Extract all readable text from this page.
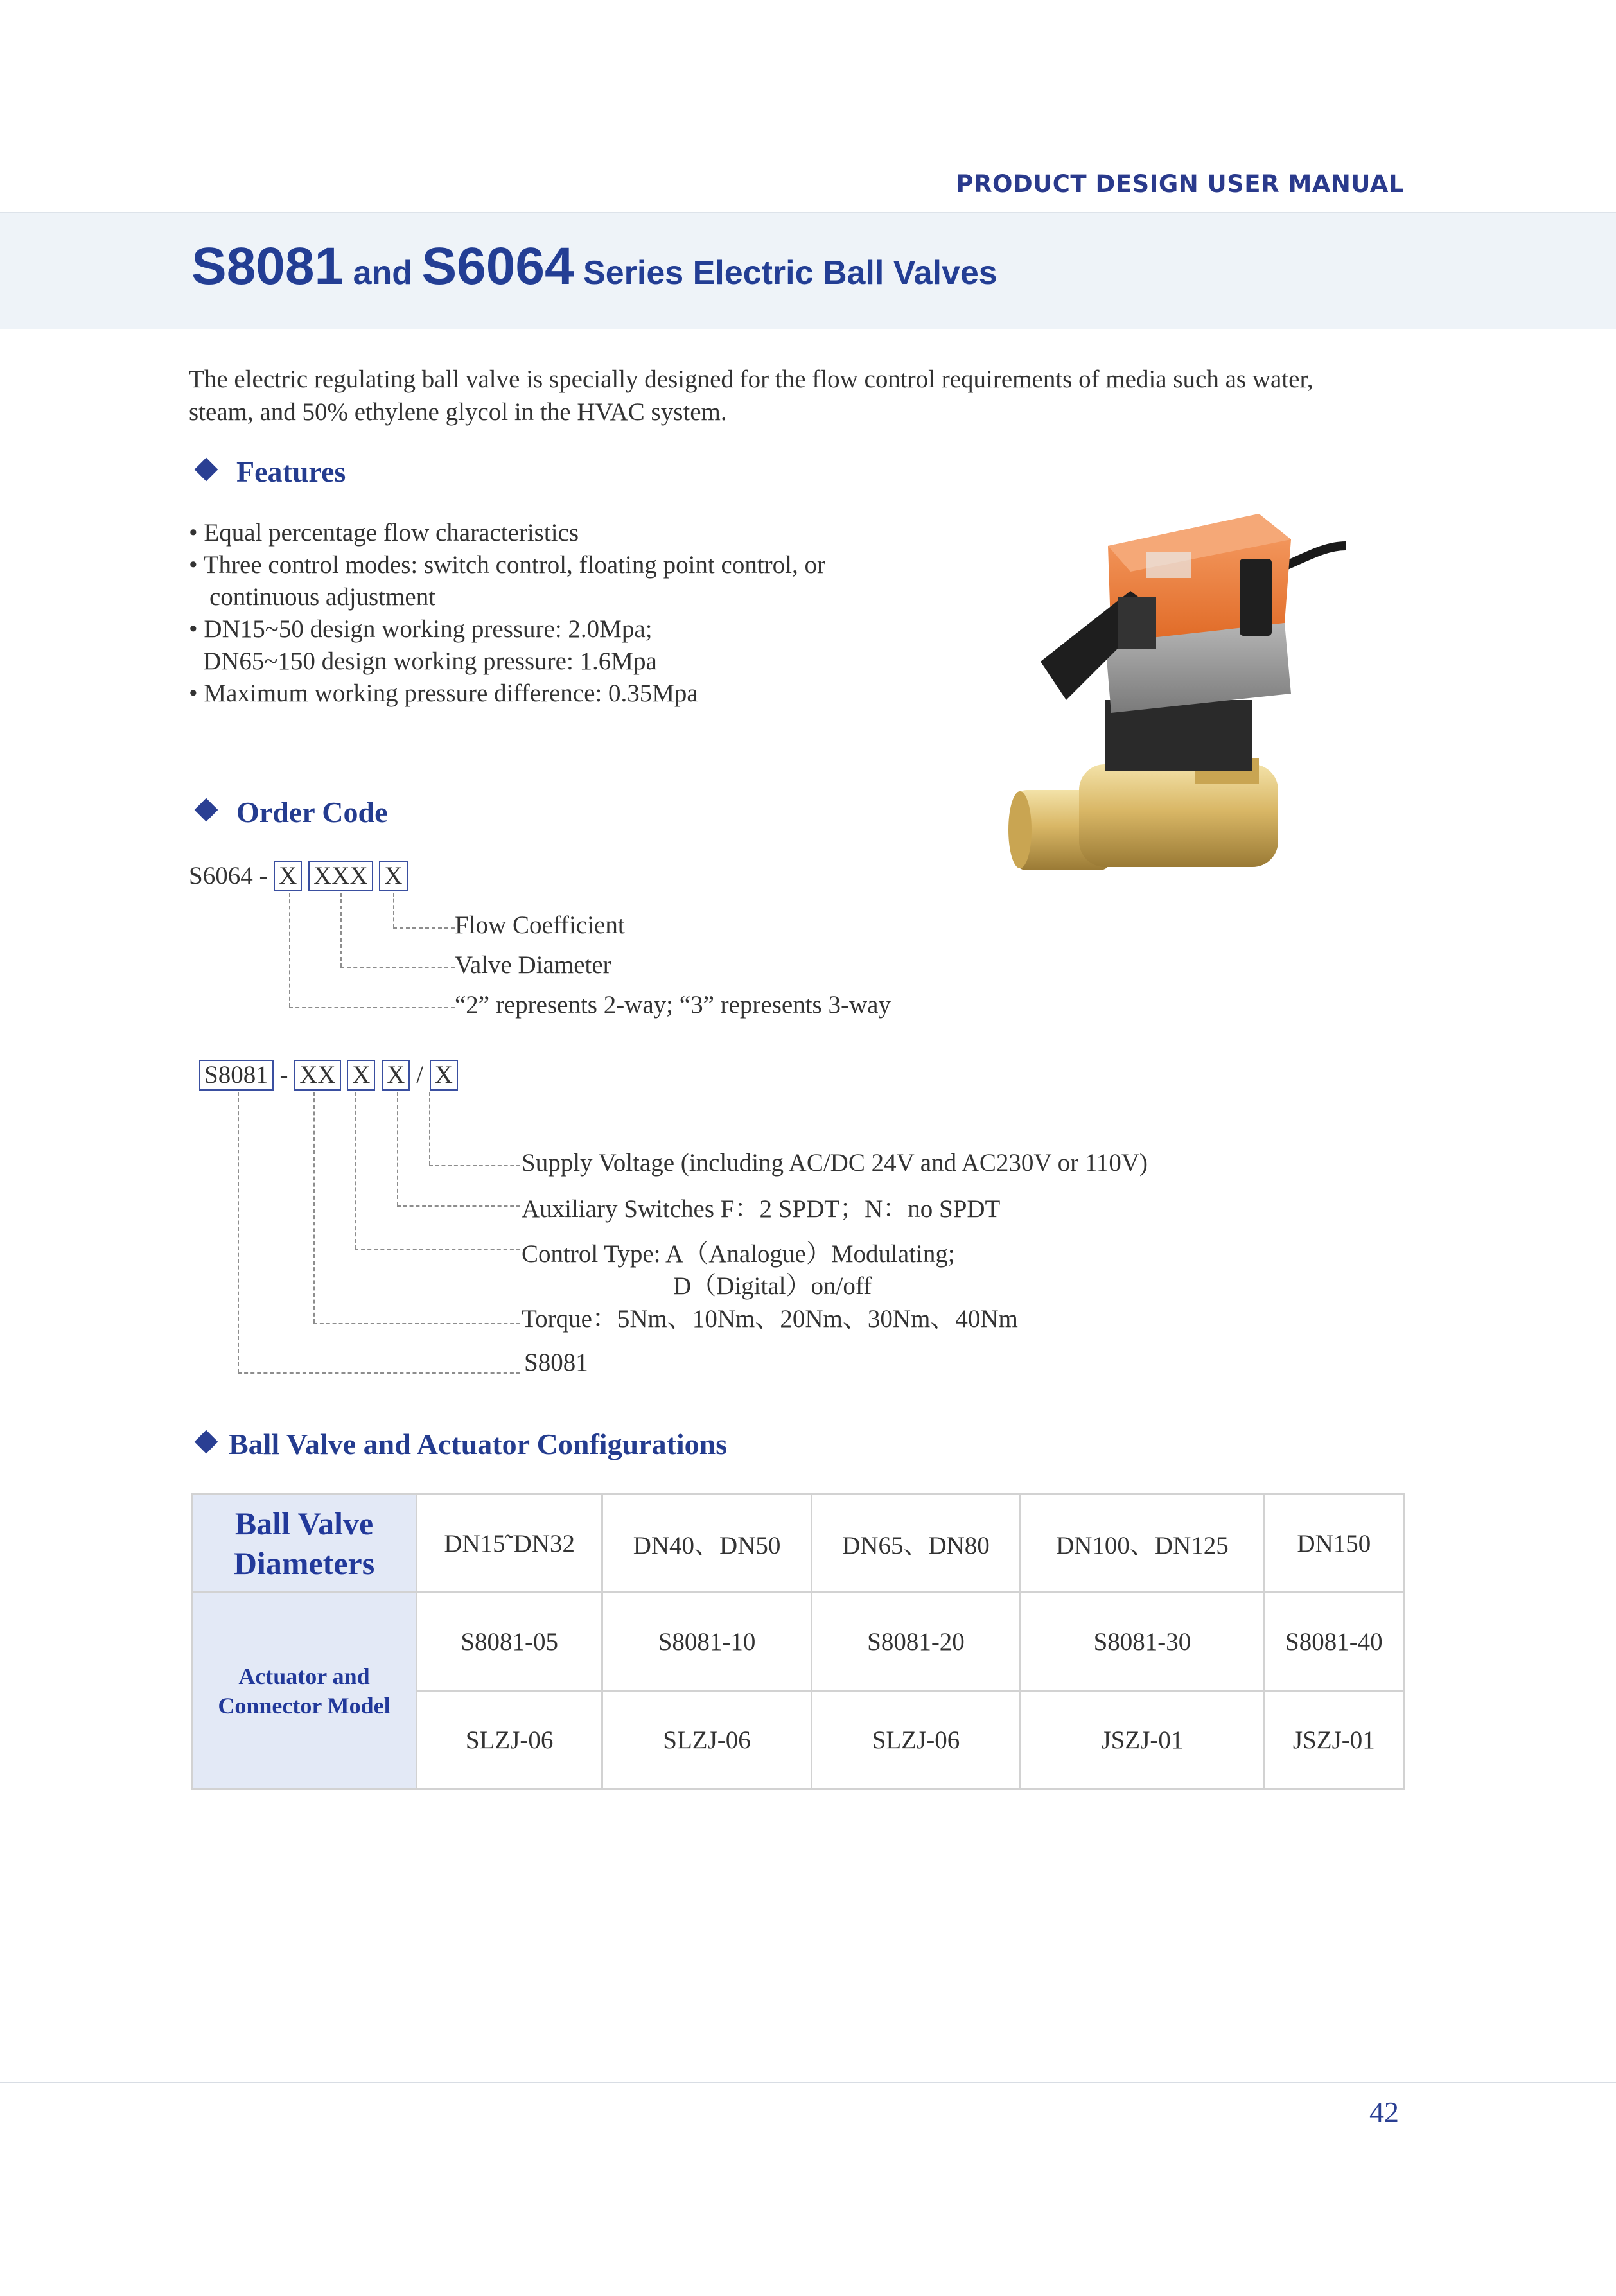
PRODUCT DESIGN USER MANUAL
S8081 and S6064 Series Electric Ball Valves
The electric regulating ball valve is specially designed for the flow control requirements of media such as water, steam, and 50% ethylene glycol in the HVAC system.
Features
• Equal percentage flow characteristics
• Three control modes: switch control, floating point control, or
continuous adjustment
• DN15~50 design working pressure: 2.0Mpa;
DN65~150 design working pressure: 1.6Mpa
• Maximum working pressure difference: 0.35Mpa
Order Code
S6064 - X XXX X
Flow Coefficient
Valve Diameter
“2” represents 2-way; “3” represents 3-way
S8081 - XX X X / X
Supply Voltage (including AC/DC 24V and AC230V or 110V)
Auxiliary Switches F：2 SPDT；N：no SPDT
Control Type: A（Analogue）Modulating;
D（Digital）on/off
Torque：5Nm、10Nm、20Nm、30Nm、40Nm
S8081
Ball Valve and Actuator Configurations
Ball Valve Diameters	DN15˜DN32	DN40、DN50	DN65、DN80	DN100、DN125	DN150
Actuator and Connector Model	S8081-05	S8081-10	S8081-20	S8081-30	S8081-40
	SLZJ-06	SLZJ-06	SLZJ-06	JSZJ-01	JSZJ-01
42
